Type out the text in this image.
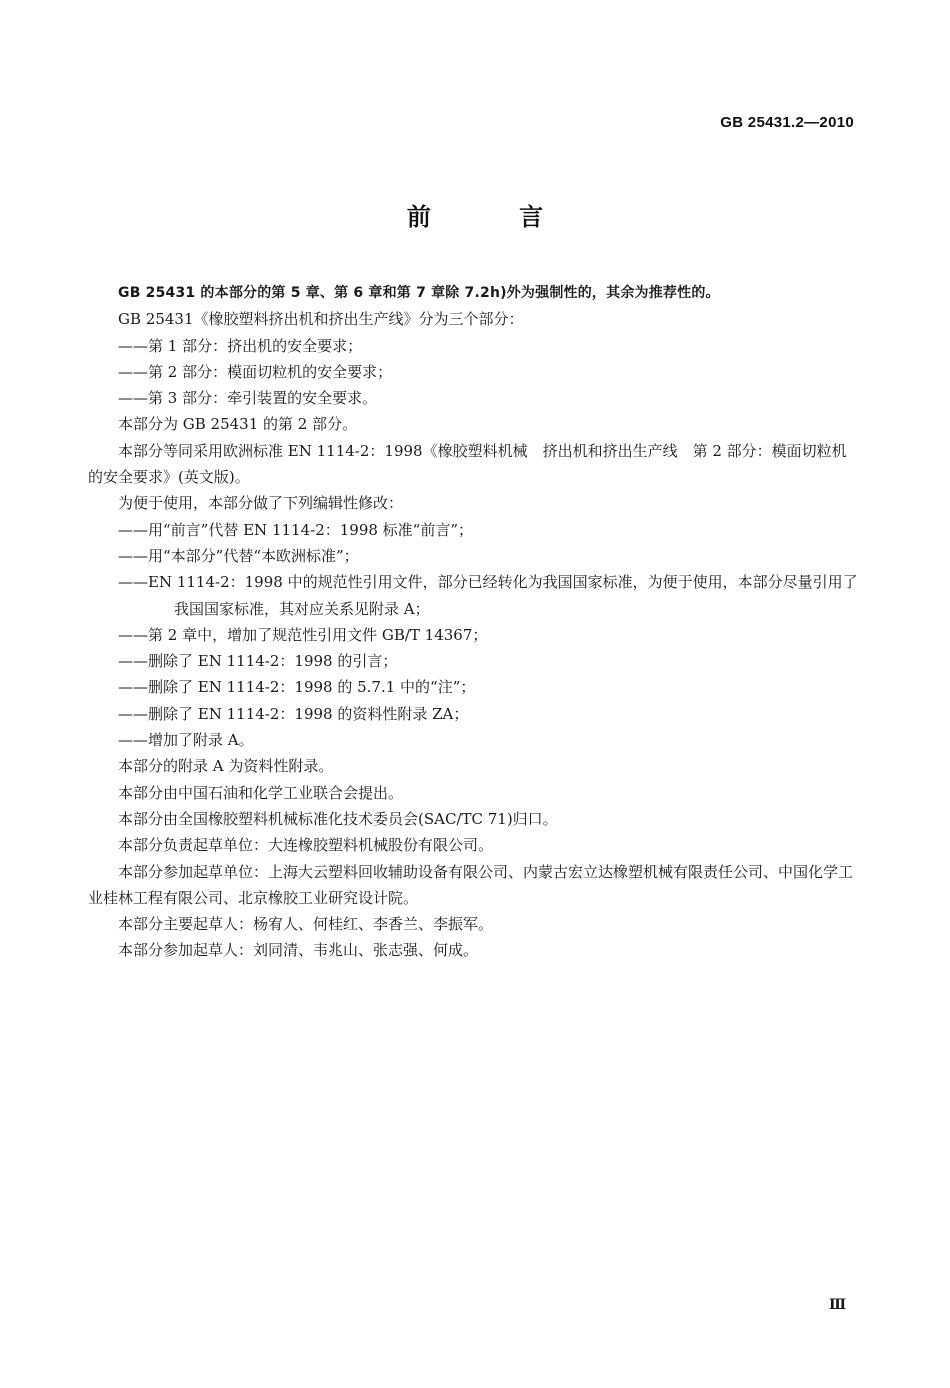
GB 25431.2—2010
前 言

GB 25431 的本部分的第 5 章、第 6 章和第 7 章除 7.2h)外为强制性的，其余为推荐性的。

GB 25431《橡胶塑料挤出机和挤出生产线》分为三个部分：

——第 1 部分：挤出机的安全要求；

——第 2 部分：模面切粒机的安全要求；

——第 3 部分：牵引装置的安全要求。

本部分为 GB 25431 的第 2 部分。

本部分等同采用欧洲标准 EN 1114-2：1998《橡胶塑料机械　挤出机和挤出生产线　第 2 部分：模面切粒机的安全要求》(英文版)。

为便于使用，本部分做了下列编辑性修改：

——用“前言”代替 EN 1114-2：1998 标准“前言”；

——用“本部分”代替“本欧洲标准”；

——EN 1114-2：1998 中的规范性引用文件，部分已经转化为我国国家标准，为便于使用，本部分尽量引用了我国国家标准，其对应关系见附录 A；

——第 2 章中，增加了规范性引用文件 GB/T 14367；

——删除了 EN 1114-2：1998 的引言；

——删除了 EN 1114-2：1998 的 5.7.1 中的“注”；

——删除了 EN 1114-2：1998 的资料性附录 ZA；

——增加了附录 A。

本部分的附录 A 为资料性附录。

本部分由中国石油和化学工业联合会提出。

本部分由全国橡胶塑料机械标准化技术委员会(SAC/TC 71)归口。

本部分负责起草单位：大连橡胶塑料机械股份有限公司。

本部分参加起草单位：上海大云塑料回收辅助设备有限公司、内蒙古宏立达橡塑机械有限责任公司、中国化学工业桂林工程有限公司、北京橡胶工业研究设计院。

本部分主要起草人：杨宥人、何桂红、李香兰、李振军。

本部分参加起草人：刘同清、韦兆山、张志强、何成。

Ⅲ
